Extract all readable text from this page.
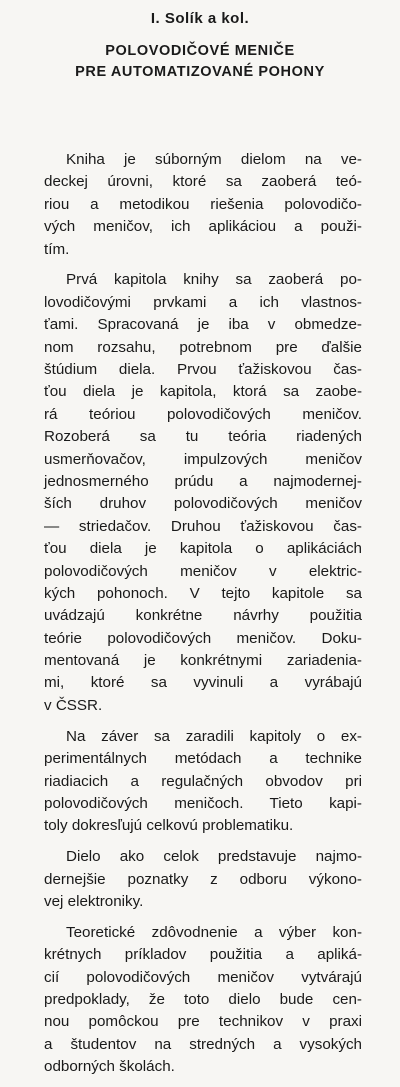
I. Solík a kol.
POLOVODIČOVÉ MENIČE
PRE AUTOMATIZOVANÉ POHONY
Kniha je súborným dielom na ve-
deckej úrovni, ktoré sa zaoberá teó-
riou a metodikou riešenia polovodičo-
vých meničov, ich aplikáciou a použi-
tím.
Prvá kapitola knihy sa zaoberá po-
lovodičovými prvkami a ich vlastnos-
ťami. Spracovaná je iba v obmedze-
nom rozsahu, potrebnom pre ďalšie
štúdium diela. Prvou ťažiskovou čas-
ťou diela je kapitola, ktorá sa zaobe-
rá teóriou polovodičových meničov.
Rozoberá sa tu teória riadených
usmerňovačov, impulzových meničov
jednosmerného prúdu a najmodernej-
ších druhov polovodičových meničov
— striedačov. Druhou ťažiskovou čas-
ťou diela je kapitola o aplikáciách
polovodičových meničov v elektric-
kých pohonoch. V tejto kapitole sa
uvádzajú konkrétne návrhy použitia
teórie polovodičových meničov. Doku-
mentovaná je konkrétnymi zariadenia-
mi, ktoré sa vyvinuli a vyrábajú
v ČSSR.
Na záver sa zaradili kapitoly o ex-
perimentálnych metódach a technike
riadiacich a regulačných obvodov pri
polovodičových meničoch. Tieto kapi-
toly dokresľujú celkovú problematiku.
Dielo ako celok predstavuje najmo-
dernejšie poznatky z odboru výkono-
vej elektroniky.
Teoretické zdôvodnenie a výber kon-
krétnych príkladov použitia a apliká-
cií polovodičových meničov vytvárajú
predpoklady, že toto dielo bude cen-
nou pomôckou pre technikov v praxi
a študentov na stredných a vysokých
odborných školách.
